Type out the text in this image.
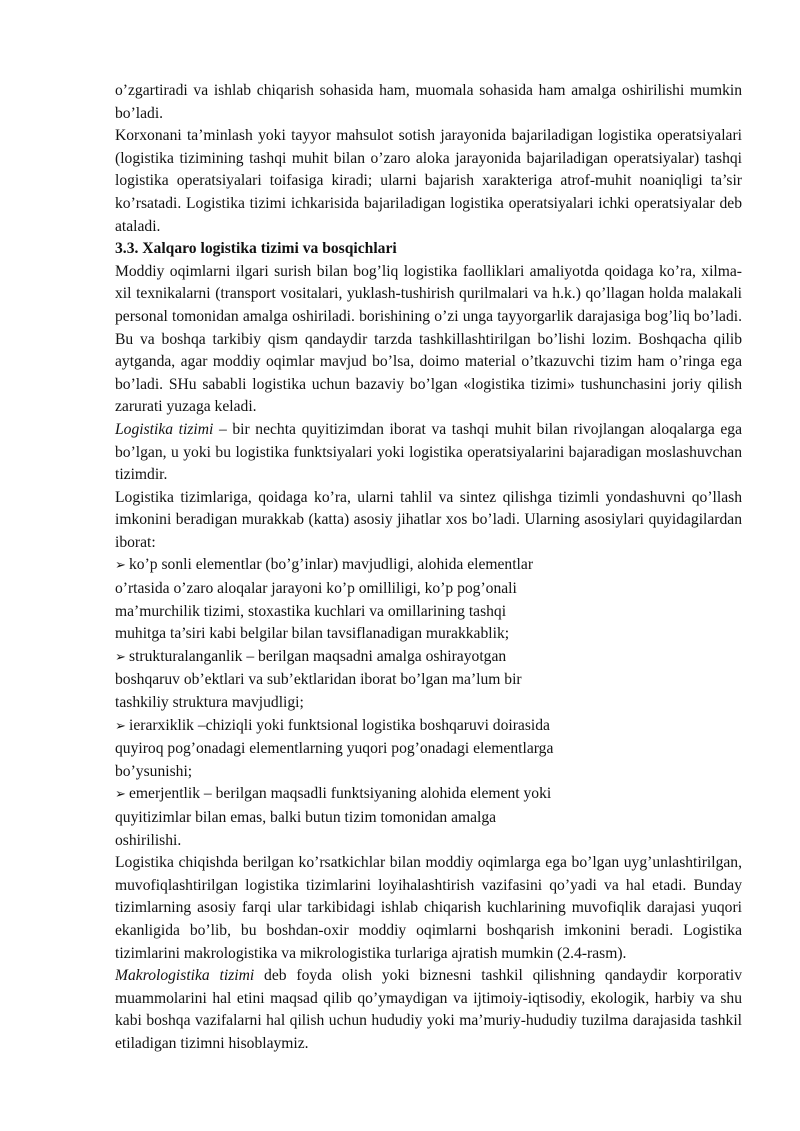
o’zgartiradi va ishlab chiqarish sohasida ham, muomala sohasida ham amalga oshirilishi mumkin bo’ladi.

Korxonani ta’minlash yoki tayyor mahsulot sotish jarayonida bajariladigan logistika operatsiyalari (logistika tizimining tashqi muhit bilan o’zaro aloka jarayonida bajariladigan operatsiyalar) tashqi logistika operatsiyalari toifasiga kiradi; ularni bajarish xarakteriga atrof-muhit noaniqligi ta’sir ko’rsatadi. Logistika tizimi ichkarisida bajariladigan logistika operatsiyalari ichki operatsiyalar deb ataladi.

3.3. Xalqaro logistika tizimi va bosqichlari

Moddiy oqimlarni ilgari surish bilan bog’liq logistika faolliklari amaliyotda qoidaga ko’ra, xilma-xil texnikalarni (transport vositalari, yuklash-tushirish qurilmalari va h.k.) qo’llagan holda malakali personal tomonidan amalga oshiriladi. borishining o’zi unga tayyorgarlik darajasiga bog’liq bo’ladi. Bu va boshqa tarkibiy qism qandaydir tarzda tashkillashtirilgan bo’lishi lozim. Boshqacha qilib aytganda, agar moddiy oqimlar mavjud bo’lsa, doimo material o’tkazuvchi tizim ham o’ringa ega bo’ladi. SHu sababli logistika uchun bazaviy bo’lgan «logistika tizimi» tushunchasini joriy qilish zarurati yuzaga keladi.

Logistika tizimi – bir nechta quyitizimdan iborat va tashqi muhit bilan rivojlangan aloqalarga ega bo’lgan, u yoki bu logistika funktsiyalari yoki logistika operatsiyalarini bajaradigan moslashuvchan tizimdir.

Logistika tizimlariga, qoidaga ko’ra, ularni tahlil va sintez qilishga tizimli yondashuvni qo’llash imkonini beradigan murakkab (katta) asosiy jihatlar xos bo’ladi. Ularning asosiylari quyidagilardan iborat:

➢ ko’p sonli elementlar (bo’g’inlar) mavjudligi, alohida elementlar
o’rtasida o’zaro aloqalar jarayoni ko’p omilliligi, ko’p pog’onali
ma’murchilik tizimi, stoxastika kuchlari va omillarining tashqi
muhitga ta’siri kabi belgilar bilan tavsiflanadigan murakkablik;
➢ strukturalanganlik – berilgan maqsadni amalga oshirayotgan
boshqaruv ob’ektlari va sub’ektlaridan iborat bo’lgan ma’lum bir
tashkiliy struktura mavjudligi;
➢ ierarxiklik –chiziqli yoki funktsional logistika boshqaruvi doirasida
quyiroq pog’onadagi elementlarning yuqori pog’onadagi elementlarga
bo’ysunishi;
➢ emerjentlik – berilgan maqsadli funktsiyaning alohida element yoki
quyitizimlar bilan emas, balki butun tizim tomonidan amalga
oshirilishi.

Logistika chiqishda berilgan ko’rsatkichlar bilan moddiy oqimlarga ega bo’lgan uyg’unlashtirilgan, muvofiqlashtirilgan logistika tizimlarini loyihalashtirish vazifasini qo’yadi va hal etadi. Bunday tizimlarning asosiy farqi ular tarkibidagi ishlab chiqarish kuchlarining muvofiqlik darajasi yuqori ekanligida bo’lib, bu boshdan-oxir moddiy oqimlarni boshqarish imkonini beradi. Logistika tizimlarini makrologistika va mikrologistika turlariga ajratish mumkin (2.4-rasm).

Makrologistika tizimi deb foyda olish yoki biznesni tashkil qilishning qandaydir korporativ muammolarini hal etini maqsad qilib qo’ymaydigan va ijtimoiy-iqtisodiy, ekologik, harbiy va shu kabi boshqa vazifalarni hal qilish uchun hududiy yoki ma’muriy-hududiy tuzilma darajasida tashkil etiladigan tizimni hisoblaymiz.
